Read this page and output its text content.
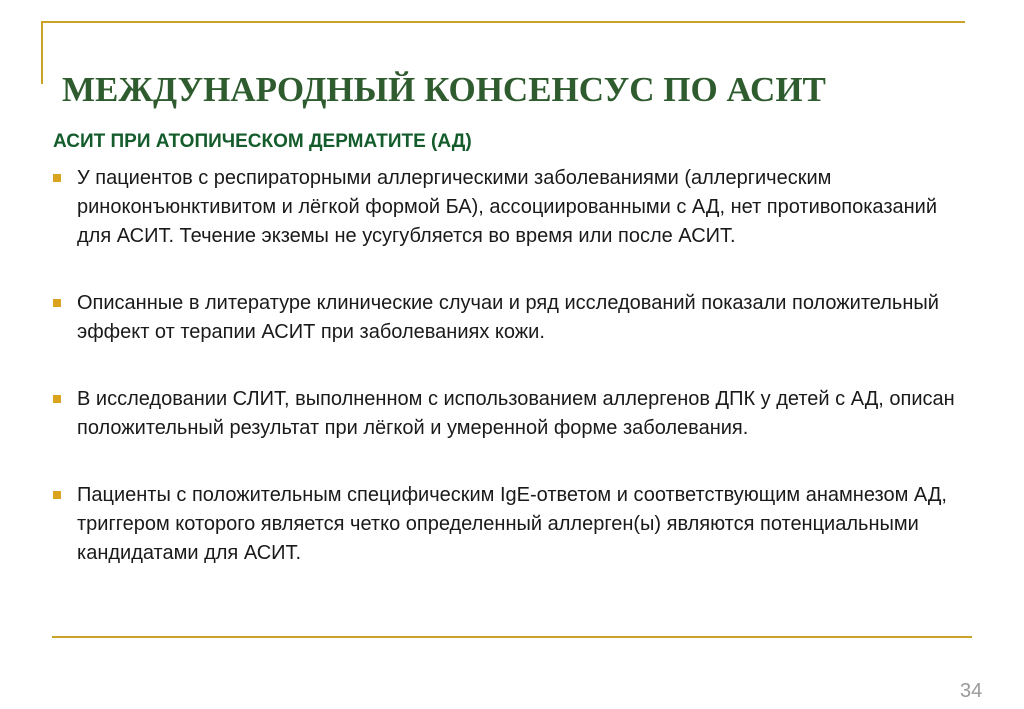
МЕЖДУНАРОДНЫЙ КОНСЕНСУС ПО АСИТ
АСИТ ПРИ АТОПИЧЕСКОМ ДЕРМАТИТЕ (АД)
У пациентов с респираторными аллергическими заболеваниями (аллергическим риноконъюнктивитом и лёгкой формой БА), ассоциированными с АД, нет противопоказаний для АСИТ. Течение экземы не усугубляется во время или после АСИТ.
Описанные в литературе клинические случаи и ряд исследований показали положительный эффект от терапии АСИТ при заболеваниях кожи.
В исследовании СЛИТ, выполненном с использованием аллергенов ДПК у детей с АД, описан положительный результат при лёгкой и умеренной форме заболевания.
Пациенты с положительным специфическим IgE-ответом и соответствующим анамнезом АД, триггером которого является четко определенный аллерген(ы) являются потенциальными кандидатами для АСИТ.
34
